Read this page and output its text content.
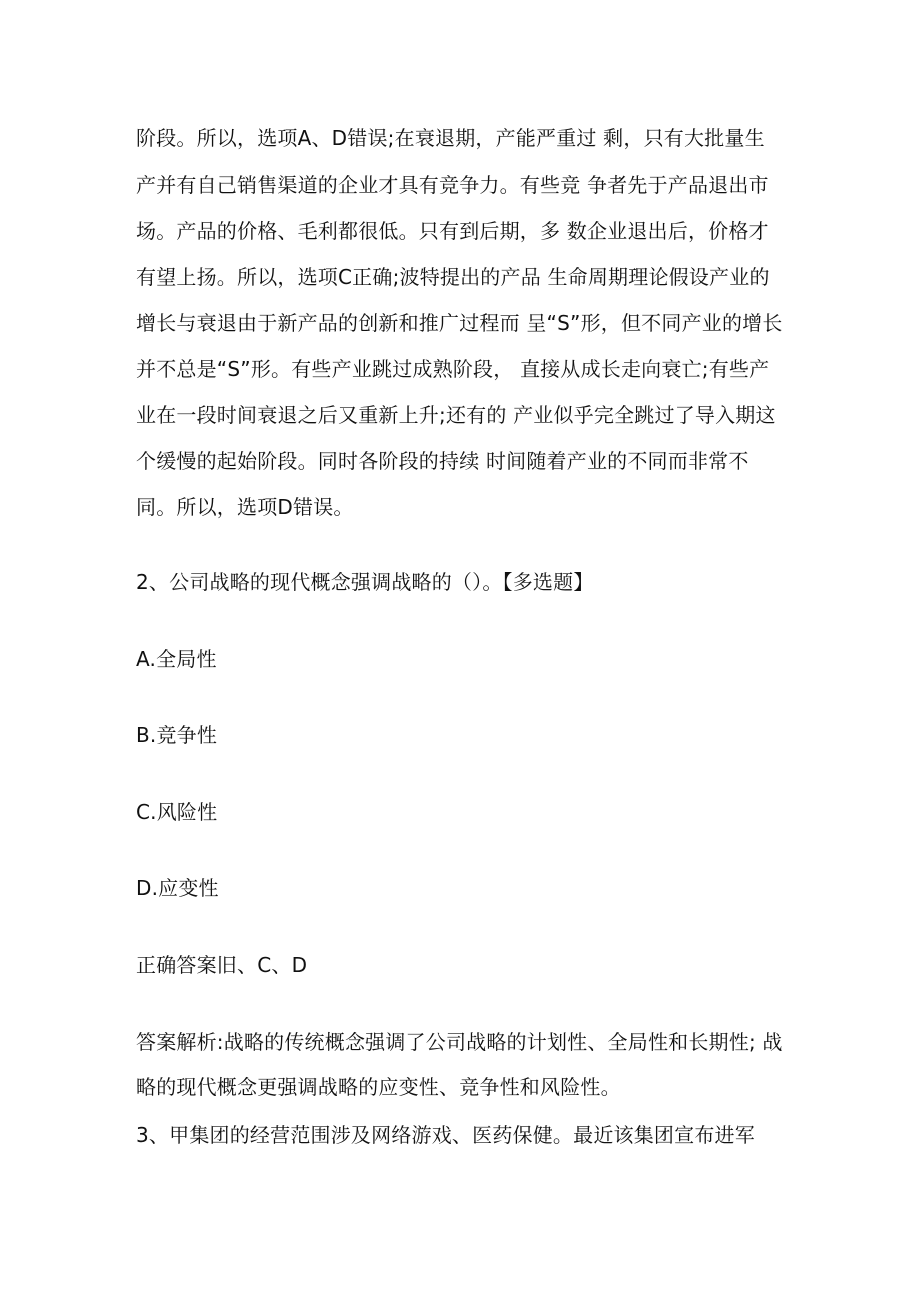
阶段。所以，选项A、D错误;在衰退期，产能严重过 剩，只有大批量生
产并有自己销售渠道的企业才具有竞争力。有些竞 争者先于产品退出市
场。产品的价格、毛利都很低。只有到后期，多 数企业退出后，价格才
有望上扬。所以，选项C正确;波特提出的产品 生命周期理论假设产业的
增长与衰退由于新产品的创新和推广过程而 呈“S”形，但不同产业的增长
并不总是“S”形。有些产业跳过成熟阶段， 直接从成长走向衰亡;有些产
业在一段时间衰退之后又重新上升;还有的 产业似乎完全跳过了导入期这
个缓慢的起始阶段。同时各阶段的持续 时间随着产业的不同而非常不
同。所以，选项D错误。
2、公司战略的现代概念强调战略的（）。【多选题】
A.全局性
B.竞争性
C.风险性
D.应变性
正确答案旧、C、D
答案解析:战略的传统概念强调了公司战略的计划性、全局性和长期性; 战
略的现代概念更强调战略的应变性、竞争性和风险性。
3、甲集团的经营范围涉及网络游戏、医药保健。最近该集团宣布进军
